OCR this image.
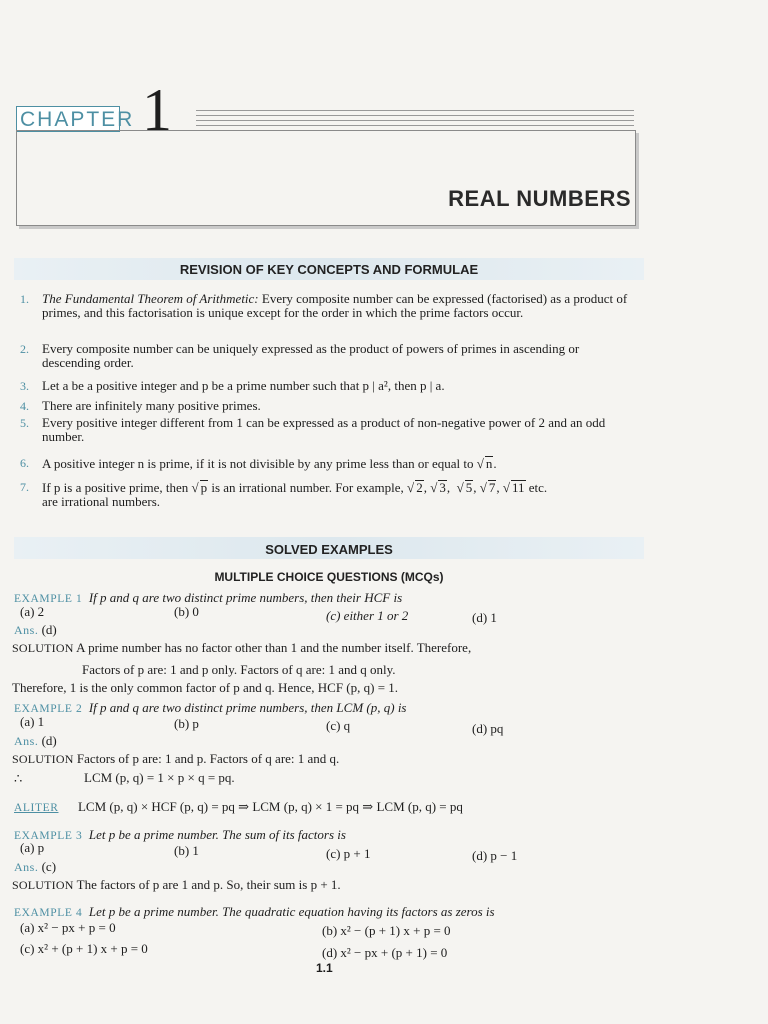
CHAPTER 1
REAL NUMBERS
REVISION OF KEY CONCEPTS AND FORMULAE
1. The Fundamental Theorem of Arithmetic: Every composite number can be expressed (factorised) as a product of primes, and this factorisation is unique except for the order in which the prime factors occur.
2. Every composite number can be uniquely expressed as the product of powers of primes in ascending or descending order.
3. Let a be a positive integer and p be a prime number such that p | a², then p | a.
4. There are infinitely many positive primes.
5. Every positive integer different from 1 can be expressed as a product of non-negative power of 2 and an odd number.
6. A positive integer n is prime, if it is not divisible by any prime less than or equal to √ n.
7. If p is a positive prime, then √ p is an irrational number. For example, √ 2, √ 3,  √ 5, √ 7, √ 11 etc.
are irrational numbers.
SOLVED EXAMPLES
MULTIPLE CHOICE QUESTIONS (MCQs)
EXAMPLE 1 If p and q are two distinct prime numbers, then their HCF is
(a) 2	(b) 0	(c) either 1 or 2	(d) 1
Ans. (d)
SOLUTION A prime number has no factor other than 1 and the number itself. Therefore,
Factors of p are: 1 and p only. Factors of q are: 1 and q only.
Therefore, 1 is the only common factor of p and q. Hence, HCF (p, q) = 1.
EXAMPLE 2 If p and q are two distinct prime numbers, then LCM (p, q) is
(a) 1	(b) p	(c) q	(d) pq
Ans. (d)
SOLUTION Factors of p are: 1 and p. Factors of q are: 1 and q.
∴	LCM (p, q) = 1 × p × q = pq.
ALITER LCM (p, q) × HCF (p, q) = pq ⇒ LCM (p, q) × 1 = pq ⇒ LCM (p, q) = pq
EXAMPLE 3 Let p be a prime number. The sum of its factors is
(a) p	(b) 1	(c) p + 1	(d) p − 1
Ans. (c)
SOLUTION The factors of p are 1 and p. So, their sum is p + 1.
EXAMPLE 4 Let p be a prime number. The quadratic equation having its factors as zeros is
(a) x² − px + p = 0	(b) x² − (p + 1) x + p = 0
(c) x² + (p + 1) x + p = 0	(d) x² − px + (p + 1) = 0
1.1
